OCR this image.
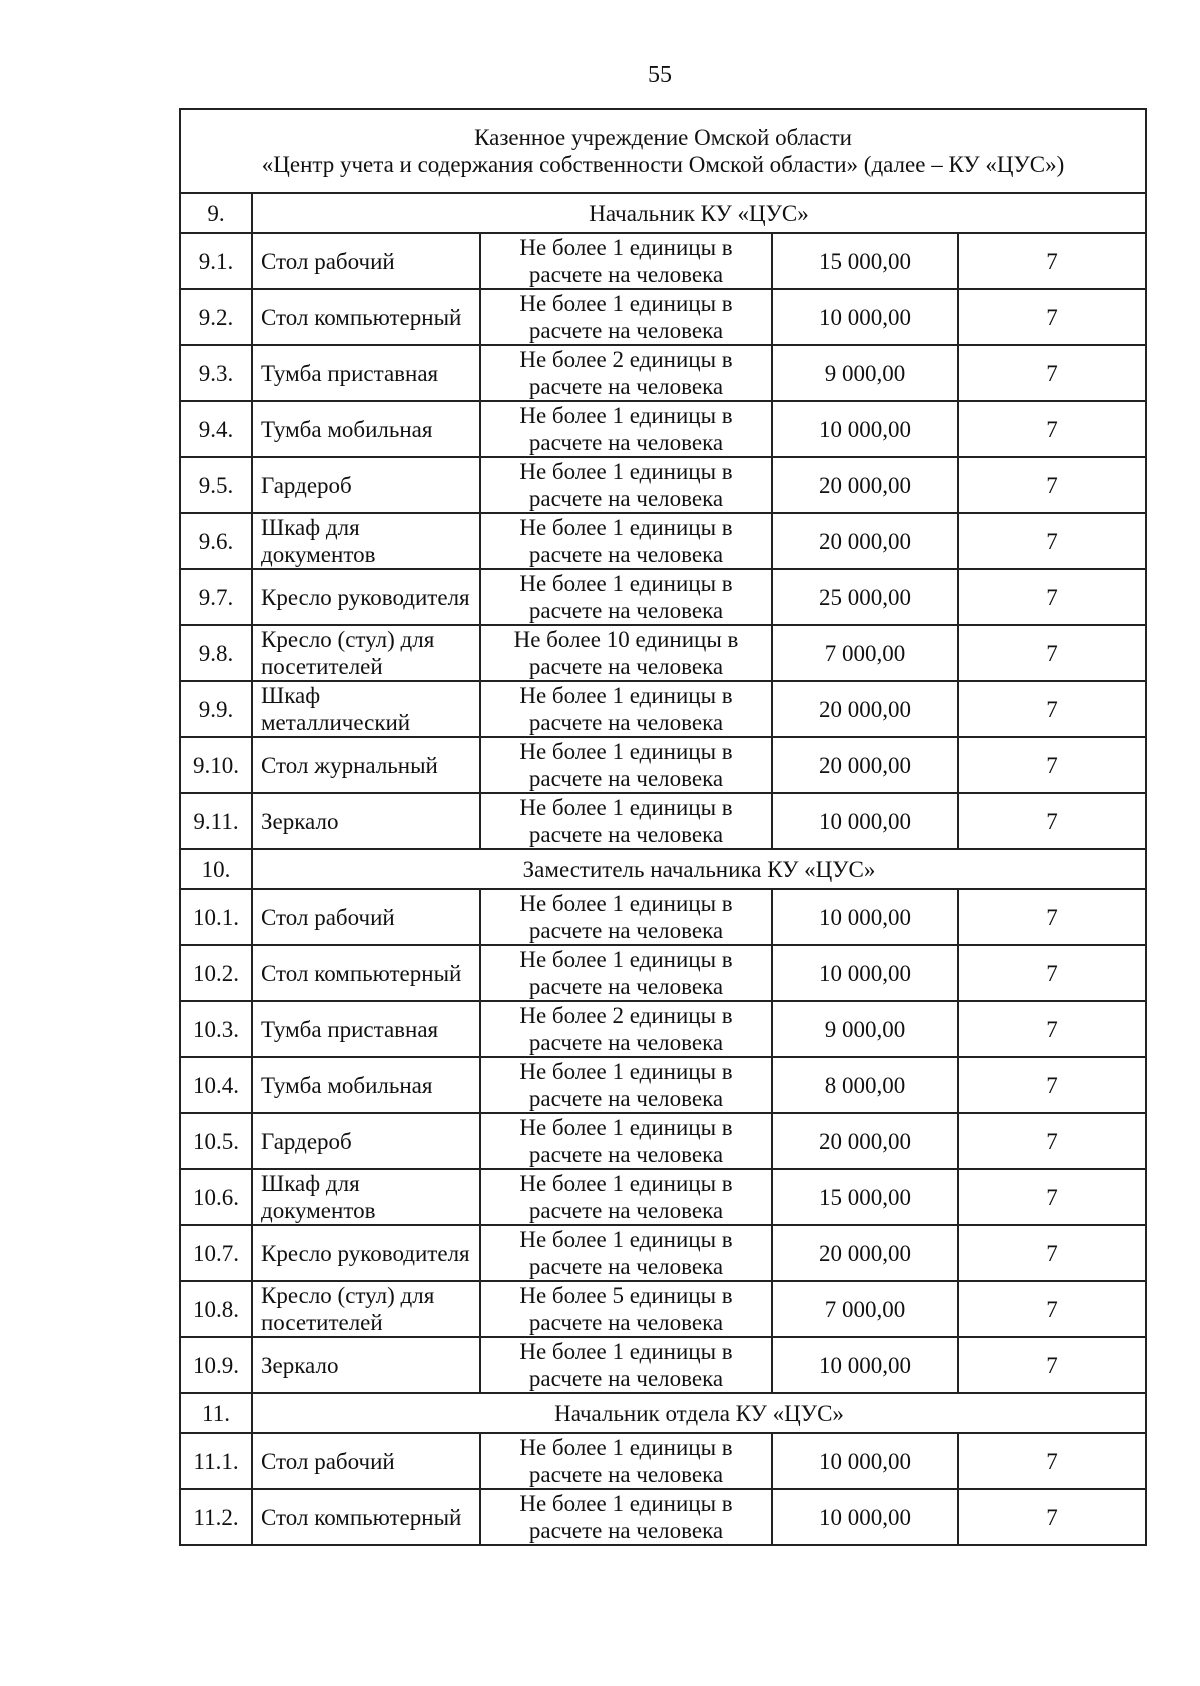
55
Казенное учреждение Омской области
«Центр учета и содержания собственности Омской области» (далее – КУ «ЦУС»)				

9.	Начальник КУ «ЦУС»			
9.1.	Стол рабочий	Не более 1 единицы в расчете на человека	15 000,00	7
9.2.	Стол компьютерный	Не более 1 единицы в расчете на человека	10 000,00	7
9.3.	Тумба приставная	Не более 2 единицы в расчете на человека	9 000,00	7
9.4.	Тумба мобильная	Не более 1 единицы в расчете на человека	10 000,00	7
9.5.	Гардероб	Не более 1 единицы в расчете на человека	20 000,00	7
9.6.	Шкаф для документов	Не более 1 единицы в расчете на человека	20 000,00	7
9.7.	Кресло руководителя	Не более 1 единицы в расчете на человека	25 000,00	7
9.8.	Кресло (стул) для посетителей	Не более 10 единицы в расчете на человека	7 000,00	7
9.9.	Шкаф металлический	Не более 1 единицы в расчете на человека	20 000,00	7
9.10.	Стол журнальный	Не более 1 единицы в расчете на человека	20 000,00	7
9.11.	Зеркало	Не более 1 единицы в расчете на человека	10 000,00	7
10.	Заместитель начальника КУ «ЦУС»			
10.1.	Стол рабочий	Не более 1 единицы в расчете на человека	10 000,00	7
10.2.	Стол компьютерный	Не более 1 единицы в расчете на человека	10 000,00	7
10.3.	Тумба приставная	Не более 2 единицы в расчете на человека	9 000,00	7
10.4.	Тумба мобильная	Не более 1 единицы в расчете на человека	8 000,00	7
10.5.	Гардероб	Не более 1 единицы в расчете на человека	20 000,00	7
10.6.	Шкаф для документов	Не более 1 единицы в расчете на человека	15 000,00	7
10.7.	Кресло руководителя	Не более 1 единицы в расчете на человека	20 000,00	7
10.8.	Кресло (стул) для посетителей	Не более 5 единицы в расчете на человека	7 000,00	7
10.9.	Зеркало	Не более 1 единицы в расчете на человека	10 000,00	7
11.	Начальник отдела КУ «ЦУС»			
11.1.	Стол рабочий	Не более 1 единицы в расчете на человека	10 000,00	7
11.2.	Стол компьютерный	Не более 1 единицы в расчете на человека	10 000,00	7
